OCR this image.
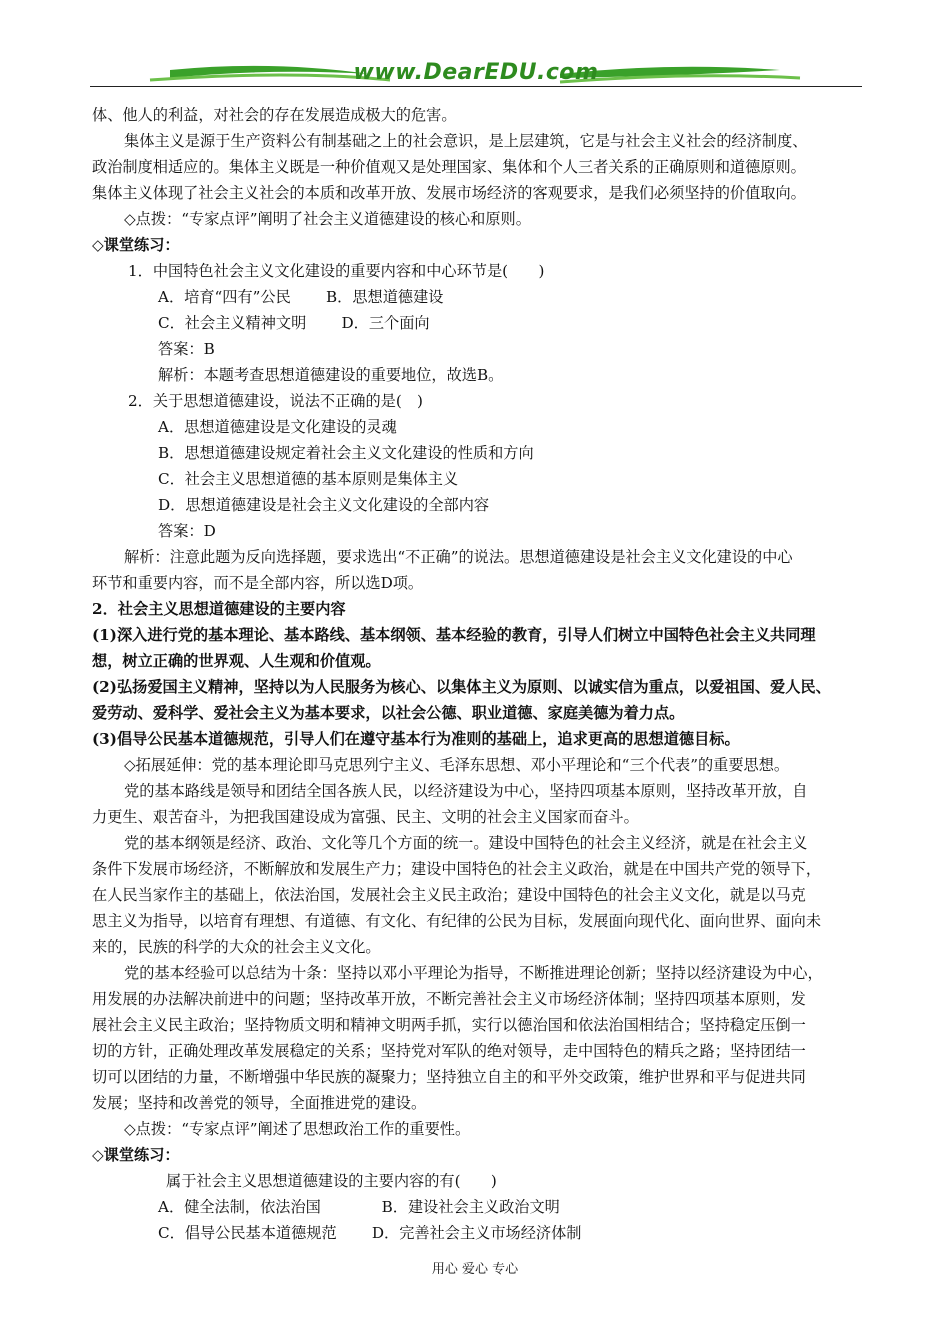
www.DearEDU.com
体、他人的利益，对社会的存在发展造成极大的危害。
集体主义是源于生产资料公有制基础之上的社会意识，是上层建筑，它是与社会主义社会的经济制度、
政治制度相适应的。集体主义既是一种价值观又是处理国家、集体和个人三者关系的正确原则和道德原则。
集体主义体现了社会主义社会的本质和改革开放、发展市场经济的客观要求，是我们必须坚持的价值取向。
◇点拨：“专家点评”阐明了社会主义道德建设的核心和原则。
◇课堂练习：
1．中国特色社会主义文化建设的重要内容和中心环节是(　　)
A．培育“四有”公民　　 B．思想道德建设
C．社会主义精神文明　　 D．三个面向
答案：B
解析：本题考查思想道德建设的重要地位，故选B。
2．关于思想道德建设，说法不正确的是(　)
A．思想道德建设是文化建设的灵魂
B．思想道德建设规定着社会主义文化建设的性质和方向
C．社会主义思想道德的基本原则是集体主义
D．思想道德建设是社会主义文化建设的全部内容
答案：D
解析：注意此题为反向选择题，要求选出“不正确”的说法。思想道德建设是社会主义文化建设的中心
环节和重要内容，而不是全部内容，所以选D项。
2．社会主义思想道德建设的主要内容
(1)深入进行党的基本理论、基本路线、基本纲领、基本经验的教育，引导人们树立中国特色社会主义共同理
想，树立正确的世界观、人生观和价值观。
(2)弘扬爱国主义精神，坚持以为人民服务为核心、以集体主义为原则、以诚实信为重点，以爱祖国、爱人民、
爱劳动、爱科学、爱社会主义为基本要求，以社会公德、职业道德、家庭美德为着力点。
(3)倡导公民基本道德规范，引导人们在遵守基本行为准则的基础上，追求更高的思想道德目标。
◇拓展延伸：党的基本理论即马克思列宁主义、毛泽东思想、邓小平理论和“三个代表”的重要思想。
党的基本路线是领导和团结全国各族人民，以经济建设为中心，坚持四项基本原则，坚持改革开放，自
力更生、艰苦奋斗，为把我国建设成为富强、民主、文明的社会主义国家而奋斗。
党的基本纲领是经济、政治、文化等几个方面的统一。建设中国特色的社会主义经济，就是在社会主义
条件下发展市场经济，不断解放和发展生产力；建设中国特色的社会主义政治，就是在中国共产党的领导下，
在人民当家作主的基础上，依法治国，发展社会主义民主政治；建设中国特色的社会主义文化，就是以马克
思主义为指导，以培育有理想、有道德、有文化、有纪律的公民为目标，发展面向现代化、面向世界、面向未
来的，民族的科学的大众的社会主义文化。
党的基本经验可以总结为十条：坚持以邓小平理论为指导，不断推进理论创新；坚持以经济建设为中心，
用发展的办法解决前进中的问题；坚持改革开放，不断完善社会主义市场经济体制；坚持四项基本原则，发
展社会主义民主政治；坚持物质文明和精神文明两手抓，实行以德治国和依法治国相结合；坚持稳定压倒一
切的方针，正确处理改革发展稳定的关系；坚持党对军队的绝对领导，走中国特色的精兵之路；坚持团结一
切可以团结的力量，不断增强中华民族的凝聚力；坚持独立自主的和平外交政策，维护世界和平与促进共同
发展；坚持和改善党的领导，全面推进党的建设。
◇点拨：“专家点评”阐述了思想政治工作的重要性。
◇课堂练习：
属于社会主义思想道德建设的主要内容的有(　　)
A．健全法制，依法治国　　　　B．建设社会主义政治文明
C．倡导公民基本道德规范　　 D．完善社会主义市场经济体制
用心 爱心 专心
